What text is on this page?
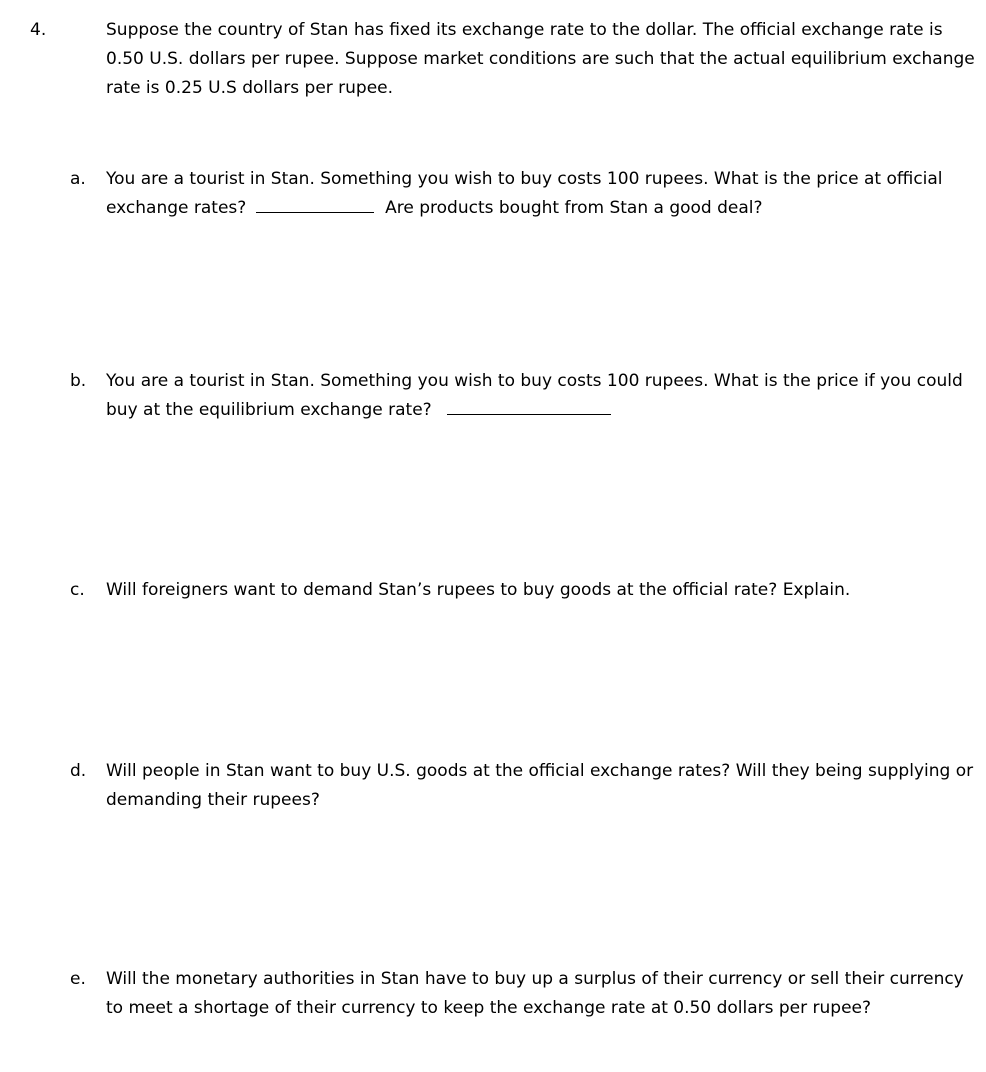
4.	Suppose the country of Stan has fixed its exchange rate to the dollar. The official exchange rate is 0.50 U.S. dollars per rupee. Suppose market conditions are such that the actual equilibrium exchange rate is 0.25 U.S dollars per rupee.

a.	You are a tourist in Stan. Something you wish to buy costs 100 rupees. What is the price at official exchange rates?	Are products bought from Stan a good deal?

b.	You are a tourist in Stan. Something you wish to buy costs 100 rupees. What is the price if you could buy at the equilibrium exchange rate?

c.	Will foreigners want to demand Stan’s rupees to buy goods at the official rate? Explain.

d.	Will people in Stan want to buy U.S. goods at the official exchange rates? Will they being supplying or demanding their rupees?

e.	Will the monetary authorities in Stan have to buy up a surplus of their currency or sell their currency to meet a shortage of their currency to keep the exchange rate at 0.50 dollars per rupee?
